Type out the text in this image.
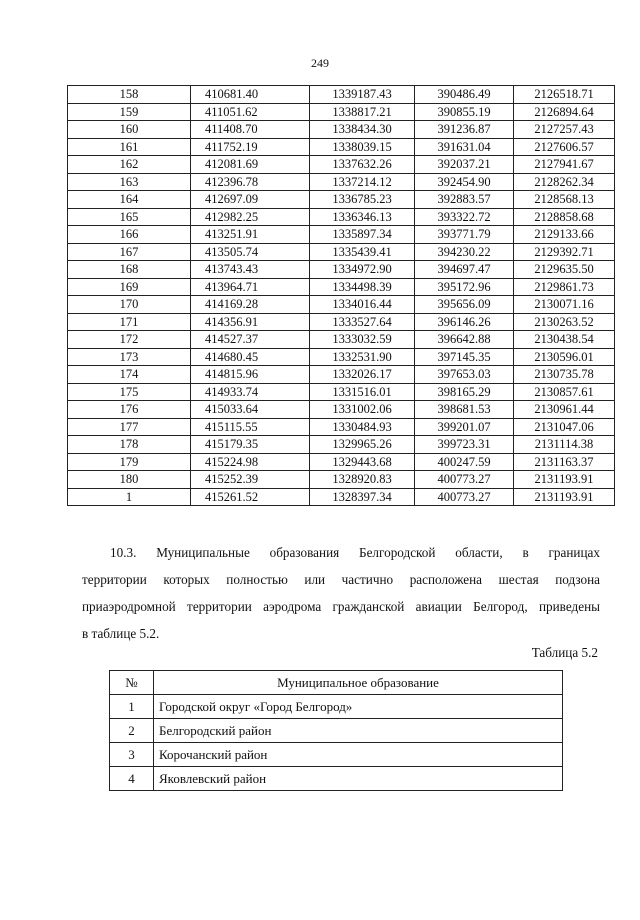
249
158	410681.40	1339187.43	390486.49	2126518.71
159	411051.62	1338817.21	390855.19	2126894.64
160	411408.70	1338434.30	391236.87	2127257.43
161	411752.19	1338039.15	391631.04	2127606.57
162	412081.69	1337632.26	392037.21	2127941.67
163	412396.78	1337214.12	392454.90	2128262.34
164	412697.09	1336785.23	392883.57	2128568.13
165	412982.25	1336346.13	393322.72	2128858.68
166	413251.91	1335897.34	393771.79	2129133.66
167	413505.74	1335439.41	394230.22	2129392.71
168	413743.43	1334972.90	394697.47	2129635.50
169	413964.71	1334498.39	395172.96	2129861.73
170	414169.28	1334016.44	395656.09	2130071.16
171	414356.91	1333527.64	396146.26	2130263.52
172	414527.37	1333032.59	396642.88	2130438.54
173	414680.45	1332531.90	397145.35	2130596.01
174	414815.96	1332026.17	397653.03	2130735.78
175	414933.74	1331516.01	398165.29	2130857.61
176	415033.64	1331002.06	398681.53	2130961.44
177	415115.55	1330484.93	399201.07	2131047.06
178	415179.35	1329965.26	399723.31	2131114.38
179	415224.98	1329443.68	400247.59	2131163.37
180	415252.39	1328920.83	400773.27	2131193.91
1	415261.52	1328397.34	400773.27	2131193.91
10.3. Муниципальные образования Белгородской области, в границах
территории которых полностью или частично расположена шестая подзона
приаэродромной территории аэродрома гражданской авиации Белгород, приведены
в таблице 5.2.
Таблица 5.2
№	Муниципальное образование
1	Городской округ «Город Белгород»
2	Белгородский район
3	Корочанский район
4	Яковлевский район
